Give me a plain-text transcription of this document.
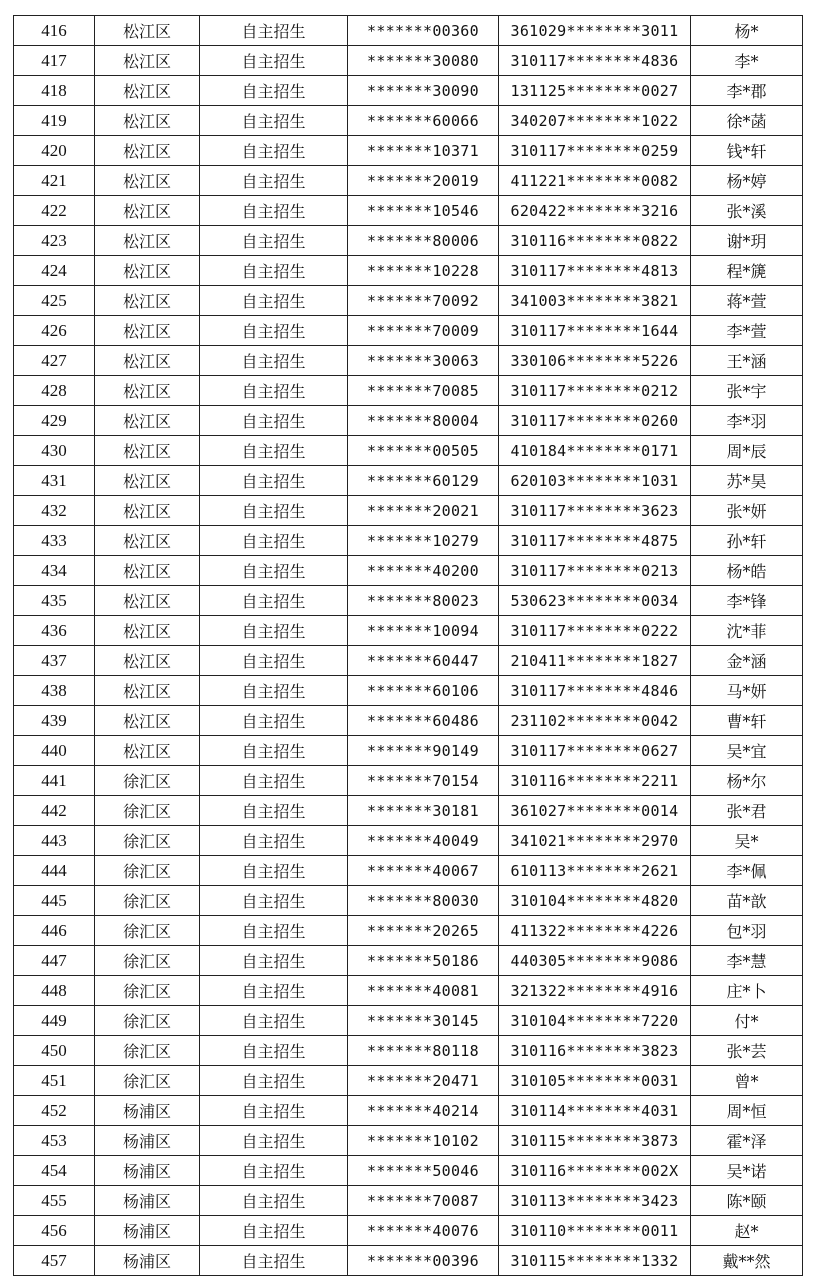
416	松江区	自主招生	*******00360	361029********3011	杨*
417	松江区	自主招生	*******30080	310117********4836	李*
418	松江区	自主招生	*******30090	131125********0027	李*郡
419	松江区	自主招生	*******60066	340207********1022	徐*菡
420	松江区	自主招生	*******10371	310117********0259	钱*轩
421	松江区	自主招生	*******20019	411221********0082	杨*婷
422	松江区	自主招生	*******10546	620422********3216	张*溪
423	松江区	自主招生	*******80006	310116********0822	谢*玥
424	松江区	自主招生	*******10228	310117********4813	程*篪
425	松江区	自主招生	*******70092	341003********3821	蒋*萱
426	松江区	自主招生	*******70009	310117********1644	李*萱
427	松江区	自主招生	*******30063	330106********5226	王*涵
428	松江区	自主招生	*******70085	310117********0212	张*宇
429	松江区	自主招生	*******80004	310117********0260	李*羽
430	松江区	自主招生	*******00505	410184********0171	周*辰
431	松江区	自主招生	*******60129	620103********1031	苏*昊
432	松江区	自主招生	*******20021	310117********3623	张*妍
433	松江区	自主招生	*******10279	310117********4875	孙*轩
434	松江区	自主招生	*******40200	310117********0213	杨*皓
435	松江区	自主招生	*******80023	530623********0034	李*锋
436	松江区	自主招生	*******10094	310117********0222	沈*菲
437	松江区	自主招生	*******60447	210411********1827	金*涵
438	松江区	自主招生	*******60106	310117********4846	马*妍
439	松江区	自主招生	*******60486	231102********0042	曹*轩
440	松江区	自主招生	*******90149	310117********0627	吴*宜
441	徐汇区	自主招生	*******70154	310116********2211	杨*尔
442	徐汇区	自主招生	*******30181	361027********0014	张*君
443	徐汇区	自主招生	*******40049	341021********2970	吴*
444	徐汇区	自主招生	*******40067	610113********2621	李*佩
445	徐汇区	自主招生	*******80030	310104********4820	苗*歆
446	徐汇区	自主招生	*******20265	411322********4226	包*羽
447	徐汇区	自主招生	*******50186	440305********9086	李*慧
448	徐汇区	自主招生	*******40081	321322********4916	庄*卜
449	徐汇区	自主招生	*******30145	310104********7220	付*
450	徐汇区	自主招生	*******80118	310116********3823	张*芸
451	徐汇区	自主招生	*******20471	310105********0031	曾*
452	杨浦区	自主招生	*******40214	310114********4031	周*恒
453	杨浦区	自主招生	*******10102	310115********3873	霍*泽
454	杨浦区	自主招生	*******50046	310116********002X	吴*诺
455	杨浦区	自主招生	*******70087	310113********3423	陈*颐
456	杨浦区	自主招生	*******40076	310110********0011	赵*
457	杨浦区	自主招生	*******00396	310115********1332	戴**然
